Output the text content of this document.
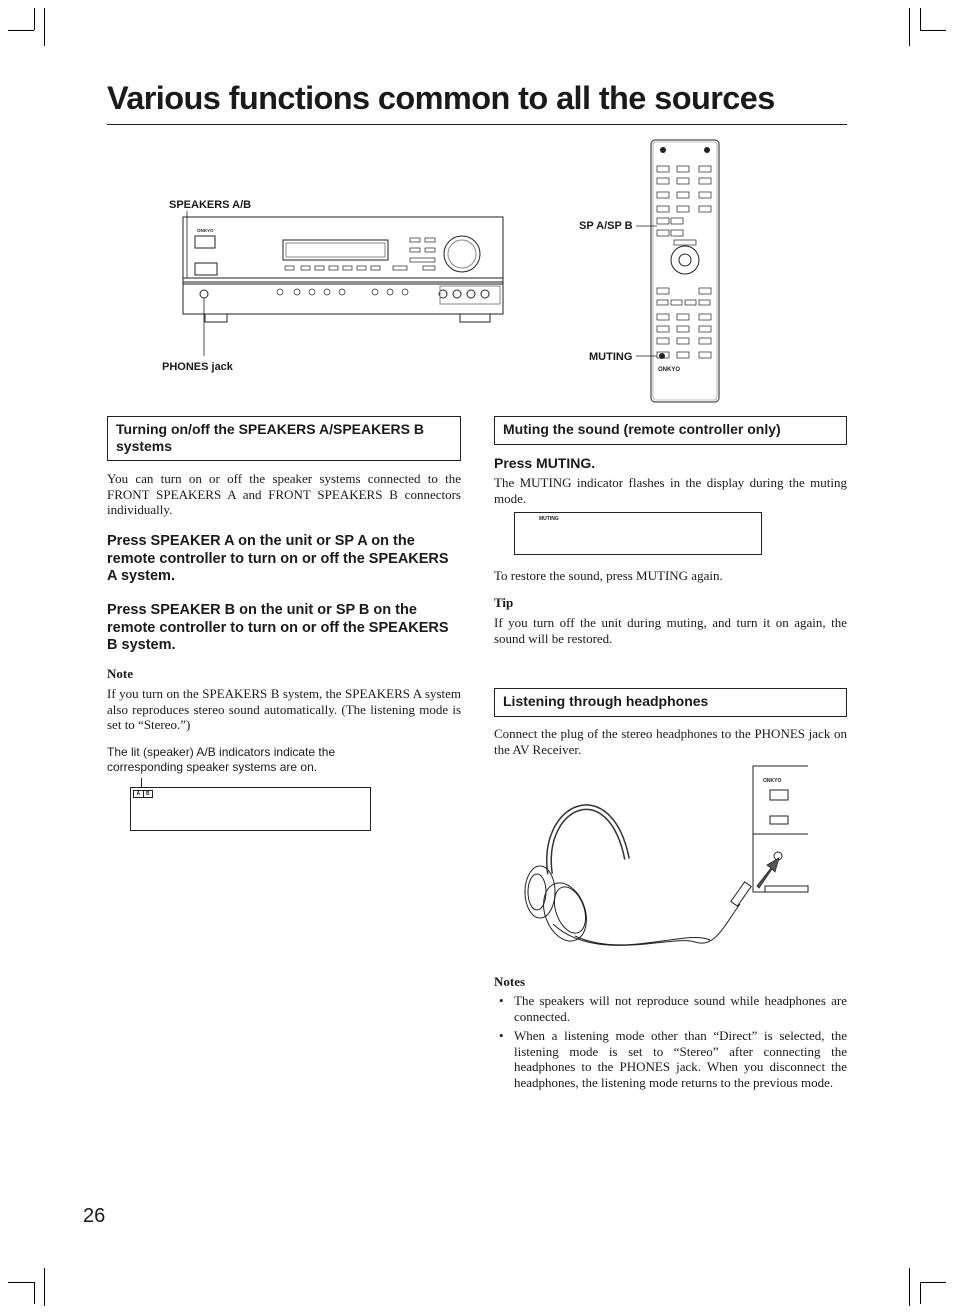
Various functions common to all the sources
SPEAKERS A/B
PHONES jack
ONKYO	SP A/SP B
MUTING
ONKYO
Turning on/off the SPEAKERS A/SPEAKERS B systems
You can turn on or off the speaker systems connected to the FRONT SPEAKERS A and FRONT SPEAKERS B connectors individually.
Press SPEAKER A on the unit or SP A on the remote controller to turn on or off the SPEAKERS A system.
Press SPEAKER B on the unit or SP B on the remote controller to turn on or off the SPEAKERS B system.
Note
If you turn on the SPEAKERS B system, the SPEAKERS A system also reproduces stereo sound automatically. (The listening mode is set to “Stereo.”)
The lit (speaker) A/B indicators indicate the corresponding speaker systems are on.
A	B
Muting the sound (remote controller only)
Press MUTING.
The MUTING indicator flashes in the display during the muting mode.
MUTING
To restore the sound, press MUTING again.
Tip
If you turn off the unit during muting, and turn it on again, the sound will be restored.
Listening through headphones
Connect the plug of the stereo headphones to the PHONES jack on the AV Receiver.
ONKYO
Notes
• The speakers will not reproduce sound while headphones are connected.
• When a listening mode other than “Direct” is selected, the listening mode is set to “Stereo” after connecting the headphones to the PHONES jack. When you disconnect the headphones, the listening mode returns to the previous mode.
26
